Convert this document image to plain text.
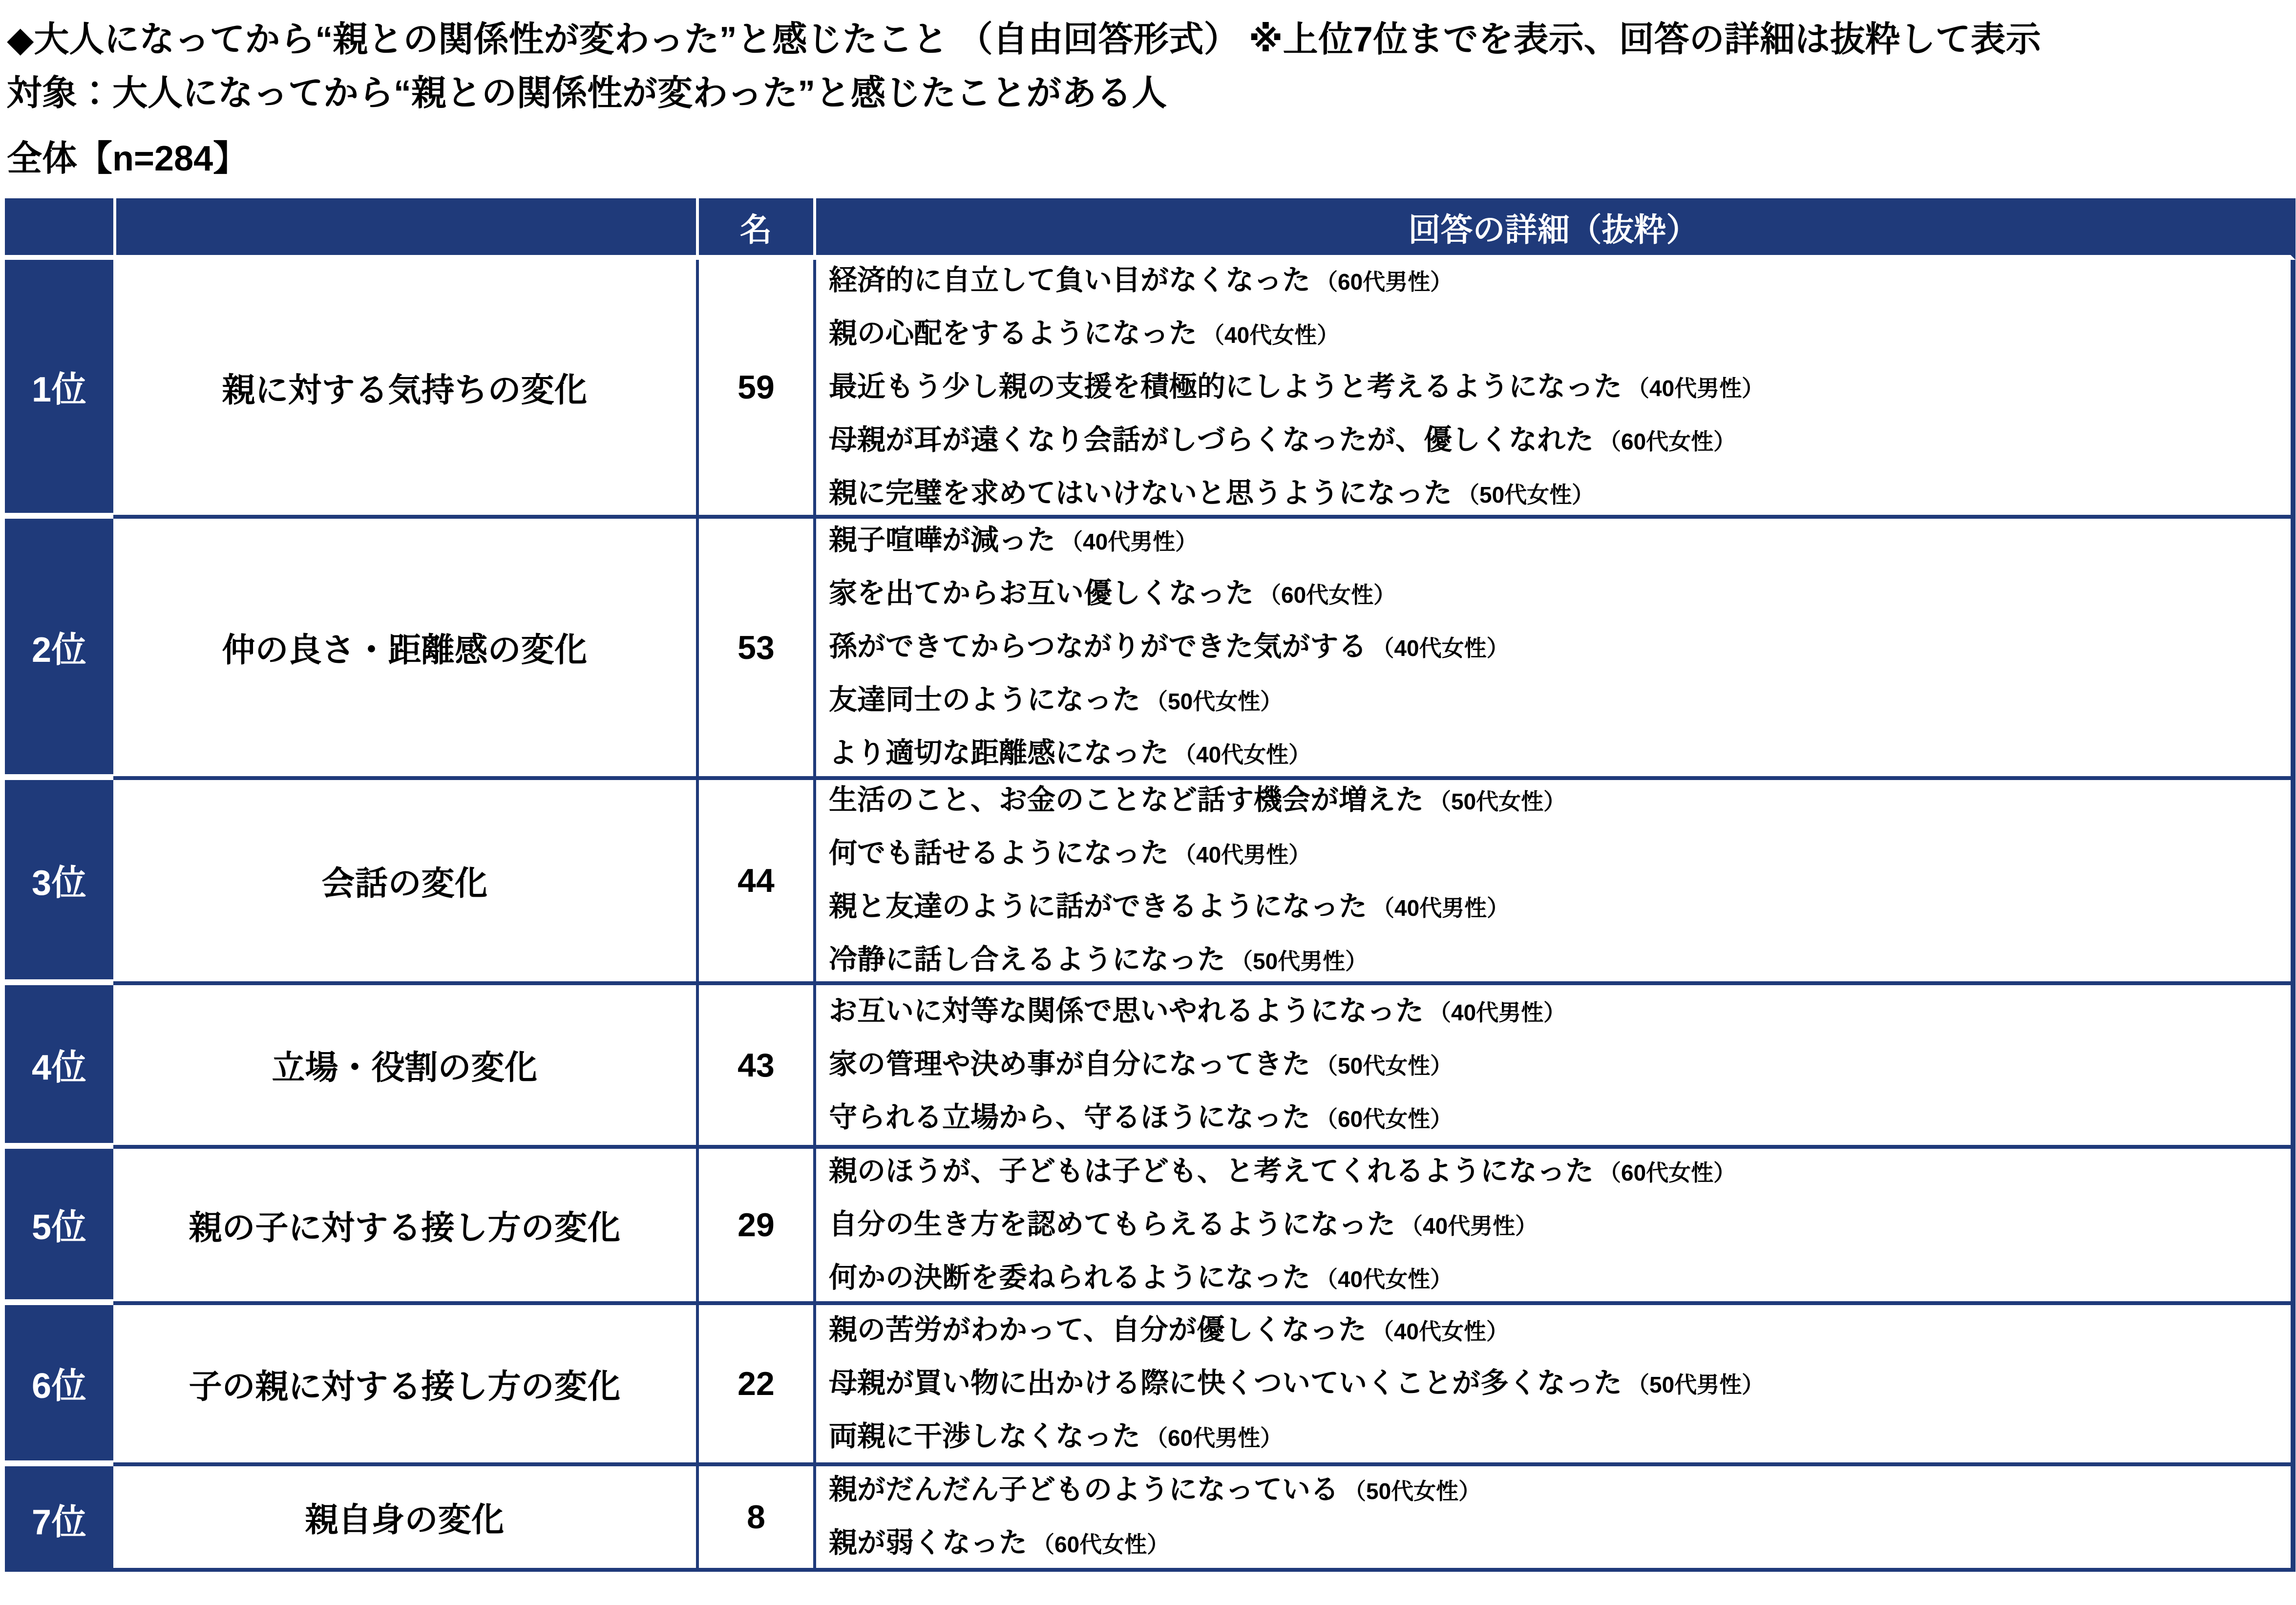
◆大人になってから“親との関係性が変わった”と感じたこと （自由回答形式） ※上位7位までを表示、回答の詳細は抜粋して表示
対象：大人になってから“親との関係性が変わった”と感じたことがある人
全体【n=284】
名	回答の詳細（抜粋）
1位	親に対する気持ちの変化	59
経済的に自立して負い目がなくなった （60代男性）
親の心配をするようになった （40代女性）
最近もう少し親の支援を積極的にしようと考えるようになった （40代男性）
母親が耳が遠くなり会話がしづらくなったが、優しくなれた （60代女性）
親に完璧を求めてはいけないと思うようになった （50代女性）
2位	仲の良さ・距離感の変化	53
親子喧嘩が減った （40代男性）
家を出てからお互い優しくなった （60代女性）
孫ができてからつながりができた気がする （40代女性）
友達同士のようになった （50代女性）
より適切な距離感になった （40代女性）
3位	会話の変化	44
生活のこと、お金のことなど話す機会が増えた （50代女性）
何でも話せるようになった （40代男性）
親と友達のように話ができるようになった （40代男性）
冷静に話し合えるようになった （50代男性）
4位	立場・役割の変化	43
お互いに対等な関係で思いやれるようになった （40代男性）
家の管理や決め事が自分になってきた （50代女性）
守られる立場から、守るほうになった （60代女性）
5位	親の子に対する接し方の変化	29
親のほうが、子どもは子ども、と考えてくれるようになった （60代女性）
自分の生き方を認めてもらえるようになった （40代男性）
何かの決断を委ねられるようになった （40代女性）
6位	子の親に対する接し方の変化	22
親の苦労がわかって、自分が優しくなった （40代女性）
母親が買い物に出かける際に快くついていくことが多くなった （50代男性）
両親に干渉しなくなった （60代男性）
7位	親自身の変化	8
親がだんだん子どものようになっている （50代女性）
親が弱くなった （60代女性）
